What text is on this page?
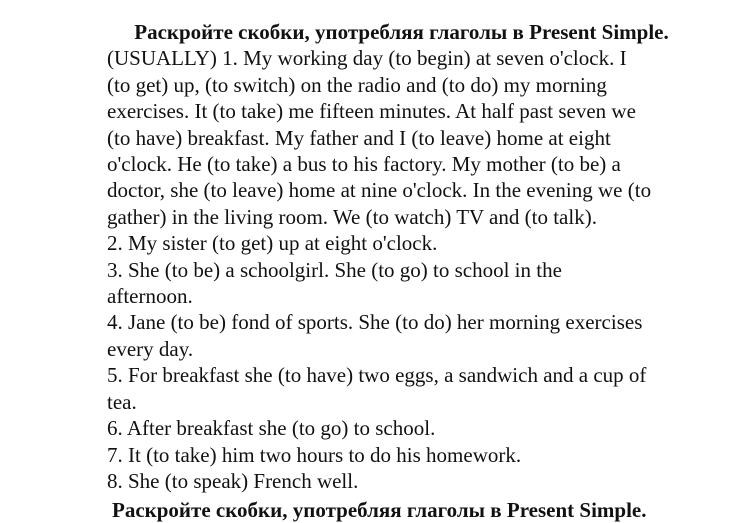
Раскройте скобки, употребляя глаголы в Present Simple.

(USUALLY) 1. My working day (to begin) at seven o'clock. I

(to get) up, (to switch) on the radio and (to do) my morning

exercises. It (to take) me fifteen minutes. At half past seven we

(to have) breakfast. My father and I (to leave) home at eight

o'clock. He (to take) a bus to his factory. My mother (to be) a

doctor, she (to leave) home at nine o'clock. In the evening we (to

gather) in the living room. We (to watch) TV and (to talk).

2. My sister (to get) up at eight o'clock.

3. She (to be) a schoolgirl. She (to go) to school in the

afternoon.

4. Jane (to be) fond of sports. She (to do) her morning exercises

every day.

5. For breakfast she (to have) two eggs, a sandwich and a cup of

tea.

6. After breakfast she (to go) to school.

7. It (to take) him two hours to do his homework.

8. She (to speak) French well.

Раскройте скобки, употребляя глаголы в Present Simple.
